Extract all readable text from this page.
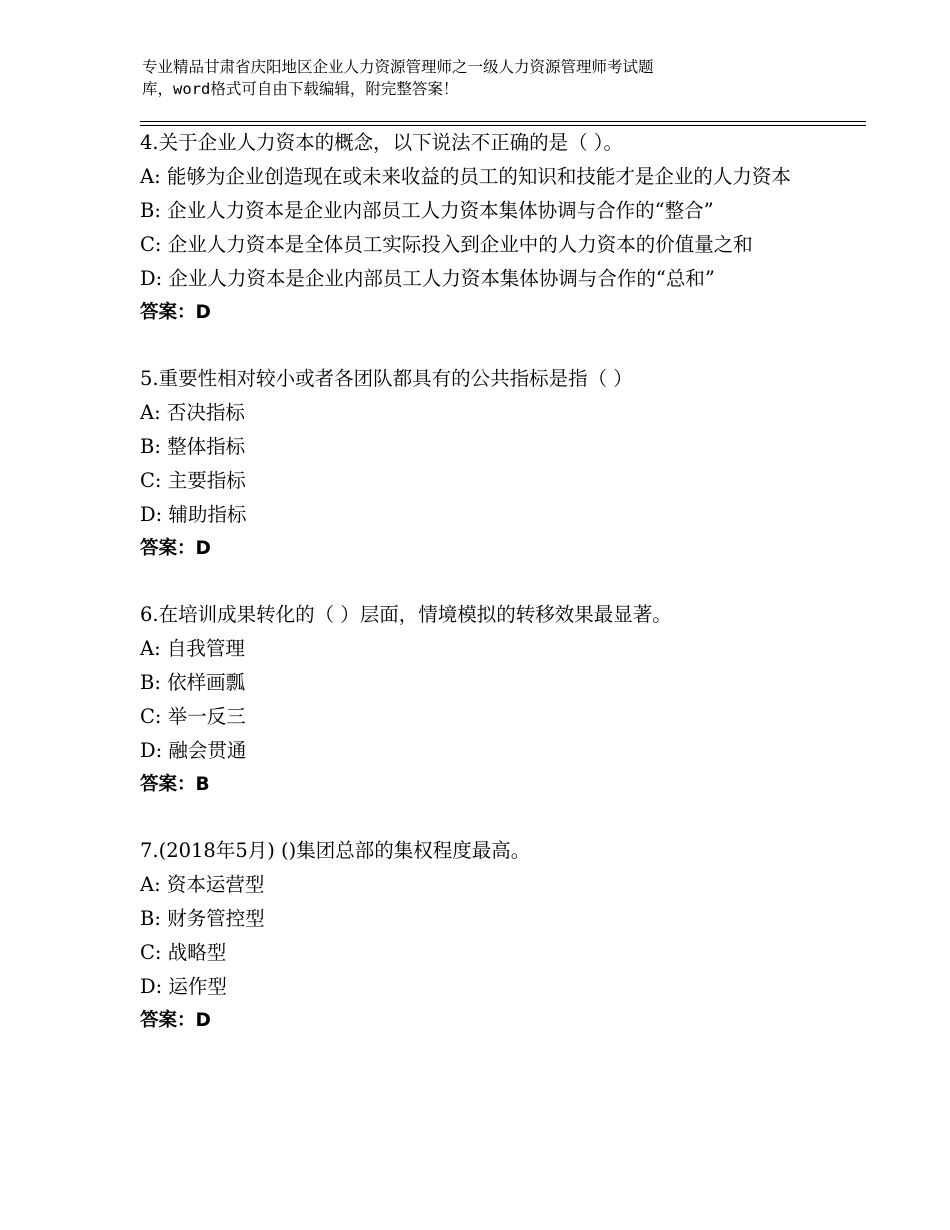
专业精品甘肃省庆阳地区企业人力资源管理师之一级人力资源管理师考试题
库，word格式可自由下载编辑，附完整答案！
4.关于企业人力资本的概念，以下说法不正确的是（ ）。
A: 能够为企业创造现在或未来收益的员工的知识和技能才是企业的人力资本
B: 企业人力资本是企业内部员工人力资本集体协调与合作的“整合”
C: 企业人力资本是全体员工实际投入到企业中的人力资本的价值量之和
D: 企业人力资本是企业内部员工人力资本集体协调与合作的“总和”
答案：D
5.重要性相对较小或者各团队都具有的公共指标是指（ ）
A: 否决指标
B: 整体指标
C: 主要指标
D: 辅助指标
答案：D
6.在培训成果转化的（ ）层面，情境模拟的转移效果最显著。
A: 自我管理
B: 依样画瓢
C: 举一反三
D: 融会贯通
答案：B
7.(2018年5月) ()集团总部的集权程度最高。
A: 资本运营型
B: 财务管控型
C: 战略型
D: 运作型
答案：D
